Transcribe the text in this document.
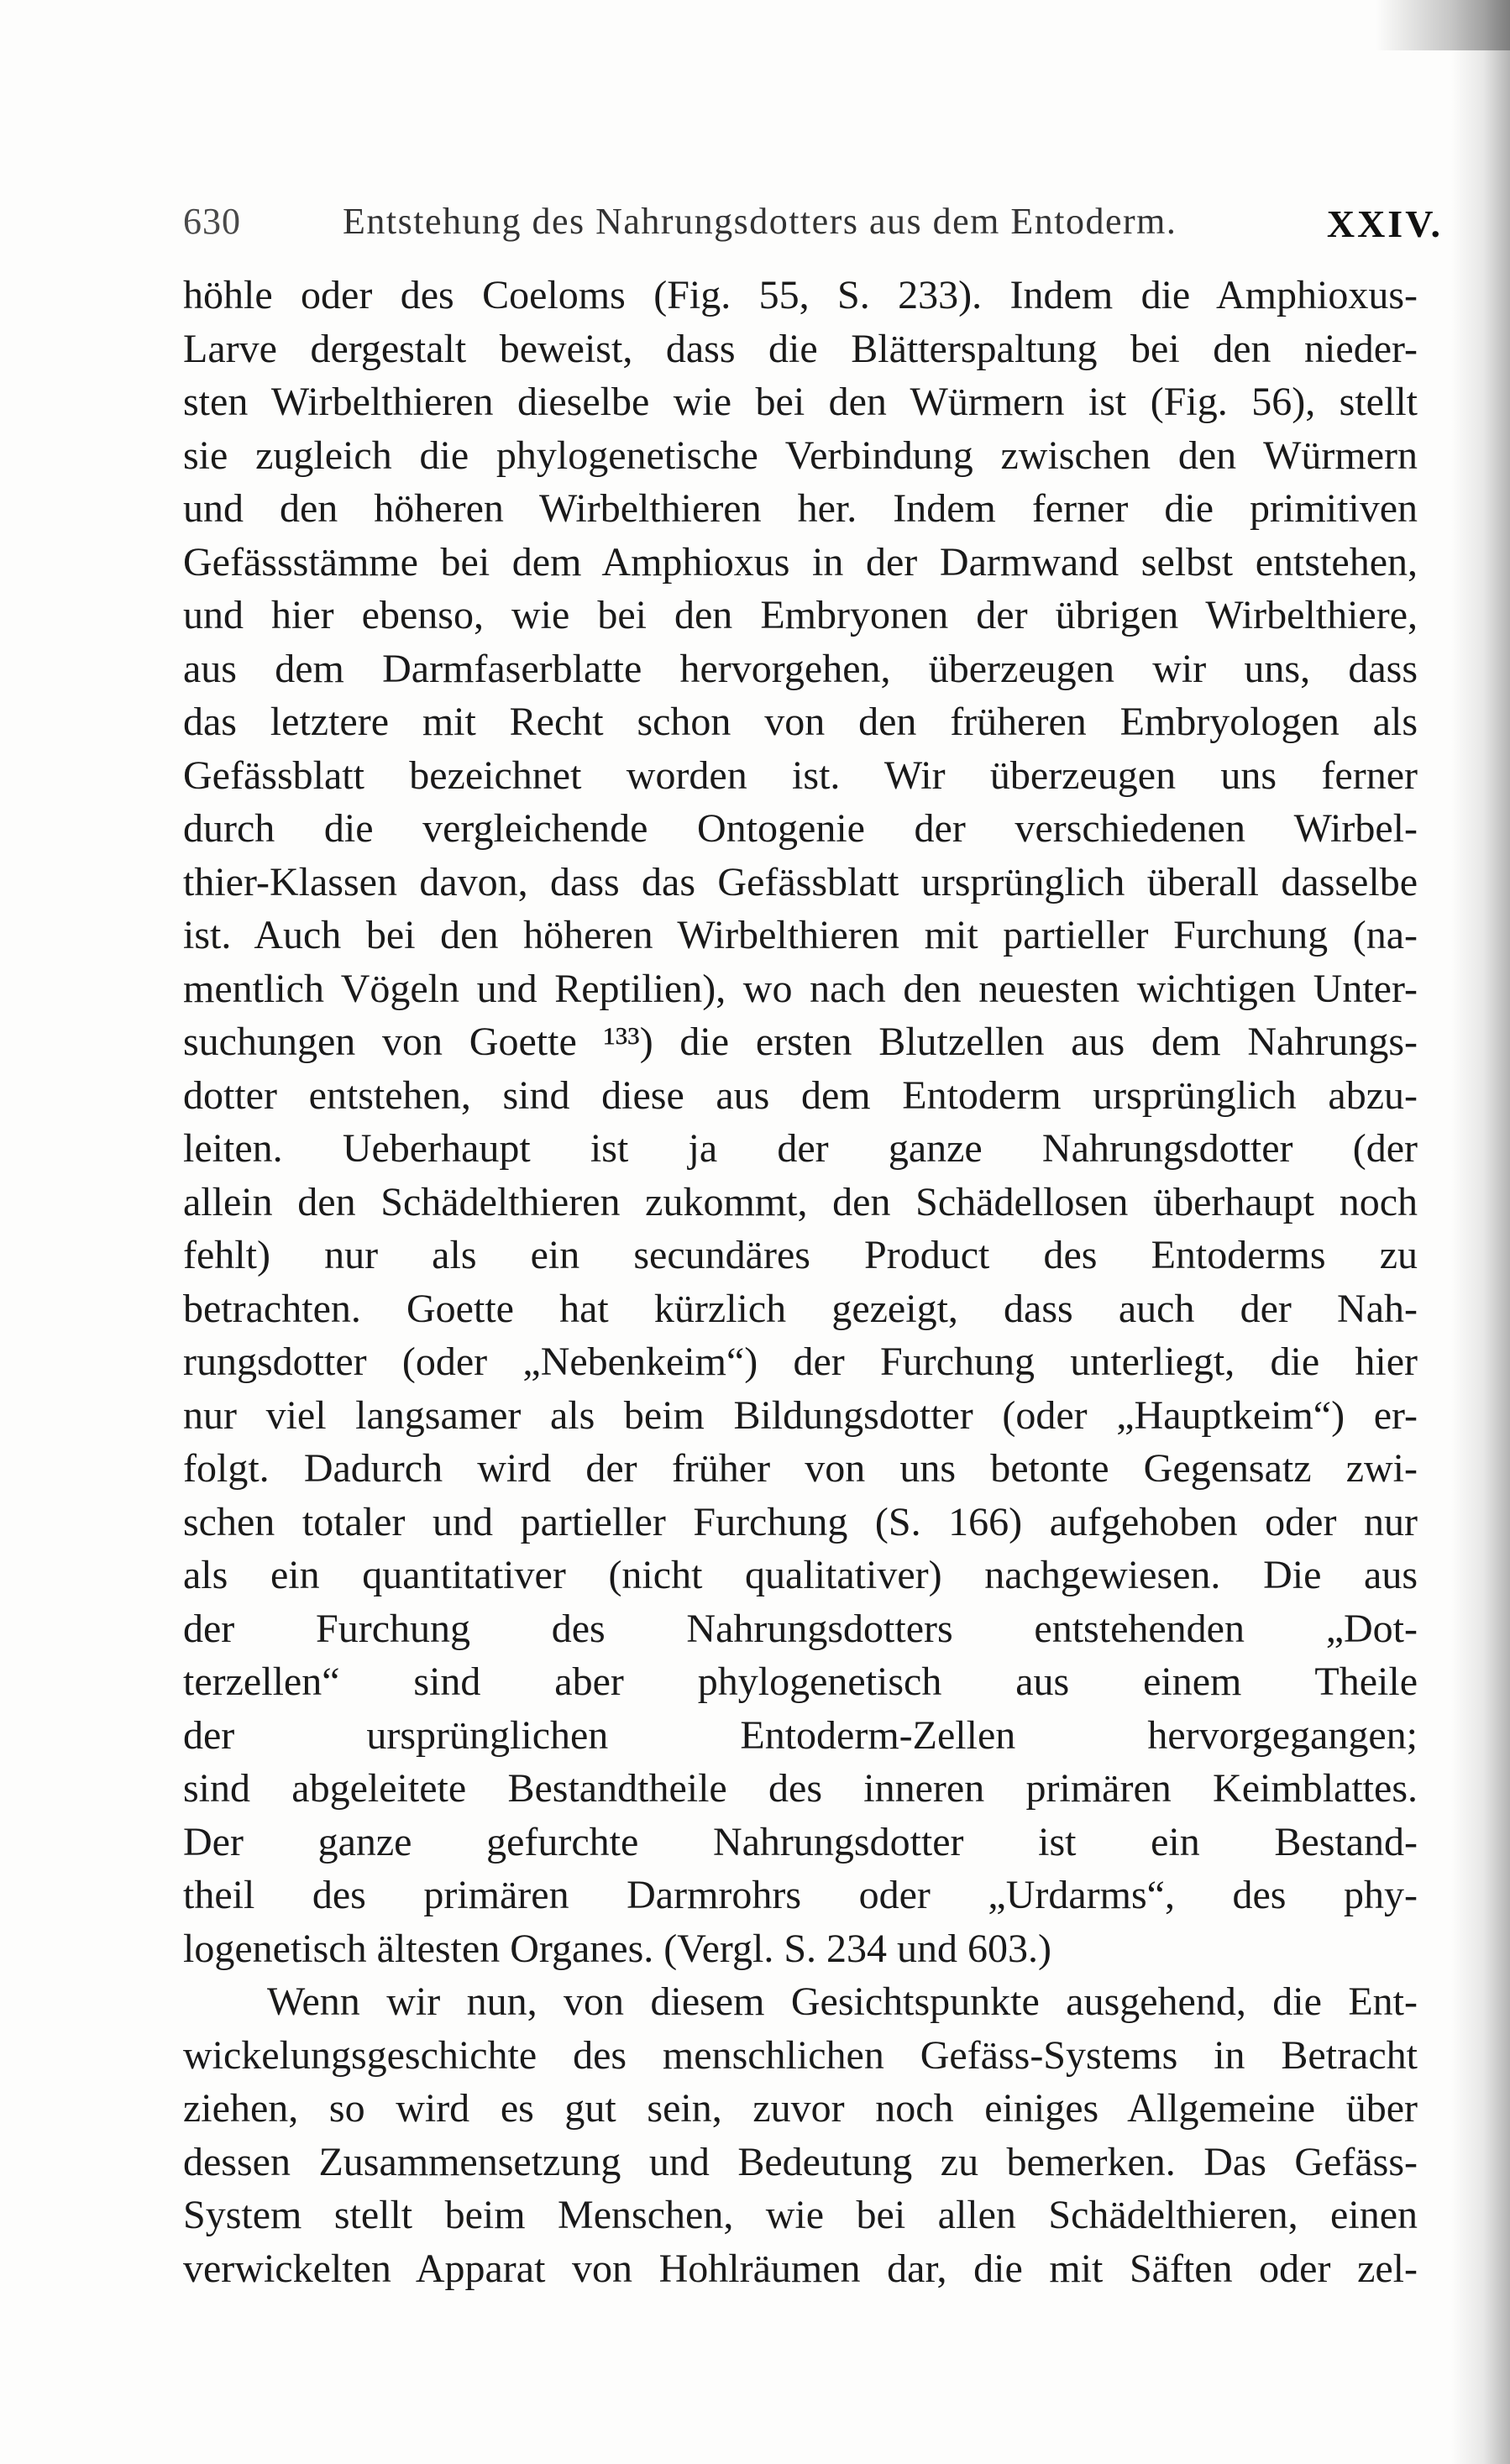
630	Entstehung des Nahrungsdotters aus dem Entoderm.	XXIV.
höhle oder des Coeloms (Fig. 55, S. 233). Indem die Amphioxus-
Larve dergestalt beweist, dass die Blätterspaltung bei den nieder-
sten Wirbelthieren dieselbe wie bei den Würmern ist (Fig. 56), stellt
sie zugleich die phylogenetische Verbindung zwischen den Würmern
und den höheren Wirbelthieren her. Indem ferner die primitiven
Gefässstämme bei dem Amphioxus in der Darmwand selbst entstehen,
und hier ebenso, wie bei den Embryonen der übrigen Wirbelthiere,
aus dem Darmfaserblatte hervorgehen, überzeugen wir uns, dass
das letztere mit Recht schon von den früheren Embryologen als
Gefässblatt bezeichnet worden ist. Wir überzeugen uns ferner
durch die vergleichende Ontogenie der verschiedenen Wirbel-
thier-Klassen davon, dass das Gefässblatt ursprünglich überall dasselbe
ist. Auch bei den höheren Wirbelthieren mit partieller Furchung (na-
mentlich Vögeln und Reptilien), wo nach den neuesten wichtigen Unter-
suchungen von Goette ¹³³) die ersten Blutzellen aus dem Nahrungs-
dotter entstehen, sind diese aus dem Entoderm ursprünglich abzu-
leiten. Ueberhaupt ist ja der ganze Nahrungsdotter (der
allein den Schädelthieren zukommt, den Schädellosen überhaupt noch
fehlt) nur als ein secundäres Product des Entoderms zu
betrachten. Goette hat kürzlich gezeigt, dass auch der Nah-
rungsdotter (oder „Nebenkeim“) der Furchung unterliegt, die hier
nur viel langsamer als beim Bildungsdotter (oder „Hauptkeim“) er-
folgt. Dadurch wird der früher von uns betonte Gegensatz zwi-
schen totaler und partieller Furchung (S. 166) aufgehoben oder nur
als ein quantitativer (nicht qualitativer) nachgewiesen. Die aus
der Furchung des Nahrungsdotters entstehenden „Dot-
terzellen“ sind aber phylogenetisch aus einem Theile
der ursprünglichen Entoderm-Zellen hervorgegangen;
sind abgeleitete Bestandtheile des inneren primären Keimblattes.
Der ganze gefurchte Nahrungsdotter ist ein Bestand-
theil des primären Darmrohrs oder „Urdarms“, des phy-
logenetisch ältesten Organes. (Vergl. S. 234 und 603.)
Wenn wir nun, von diesem Gesichtspunkte ausgehend, die Ent-
wickelungsgeschichte des menschlichen Gefäss-Systems in Betracht
ziehen, so wird es gut sein, zuvor noch einiges Allgemeine über
dessen Zusammensetzung und Bedeutung zu bemerken. Das Gefäss-
System stellt beim Menschen, wie bei allen Schädelthieren, einen
verwickelten Apparat von Hohlräumen dar, die mit Säften oder zel-
